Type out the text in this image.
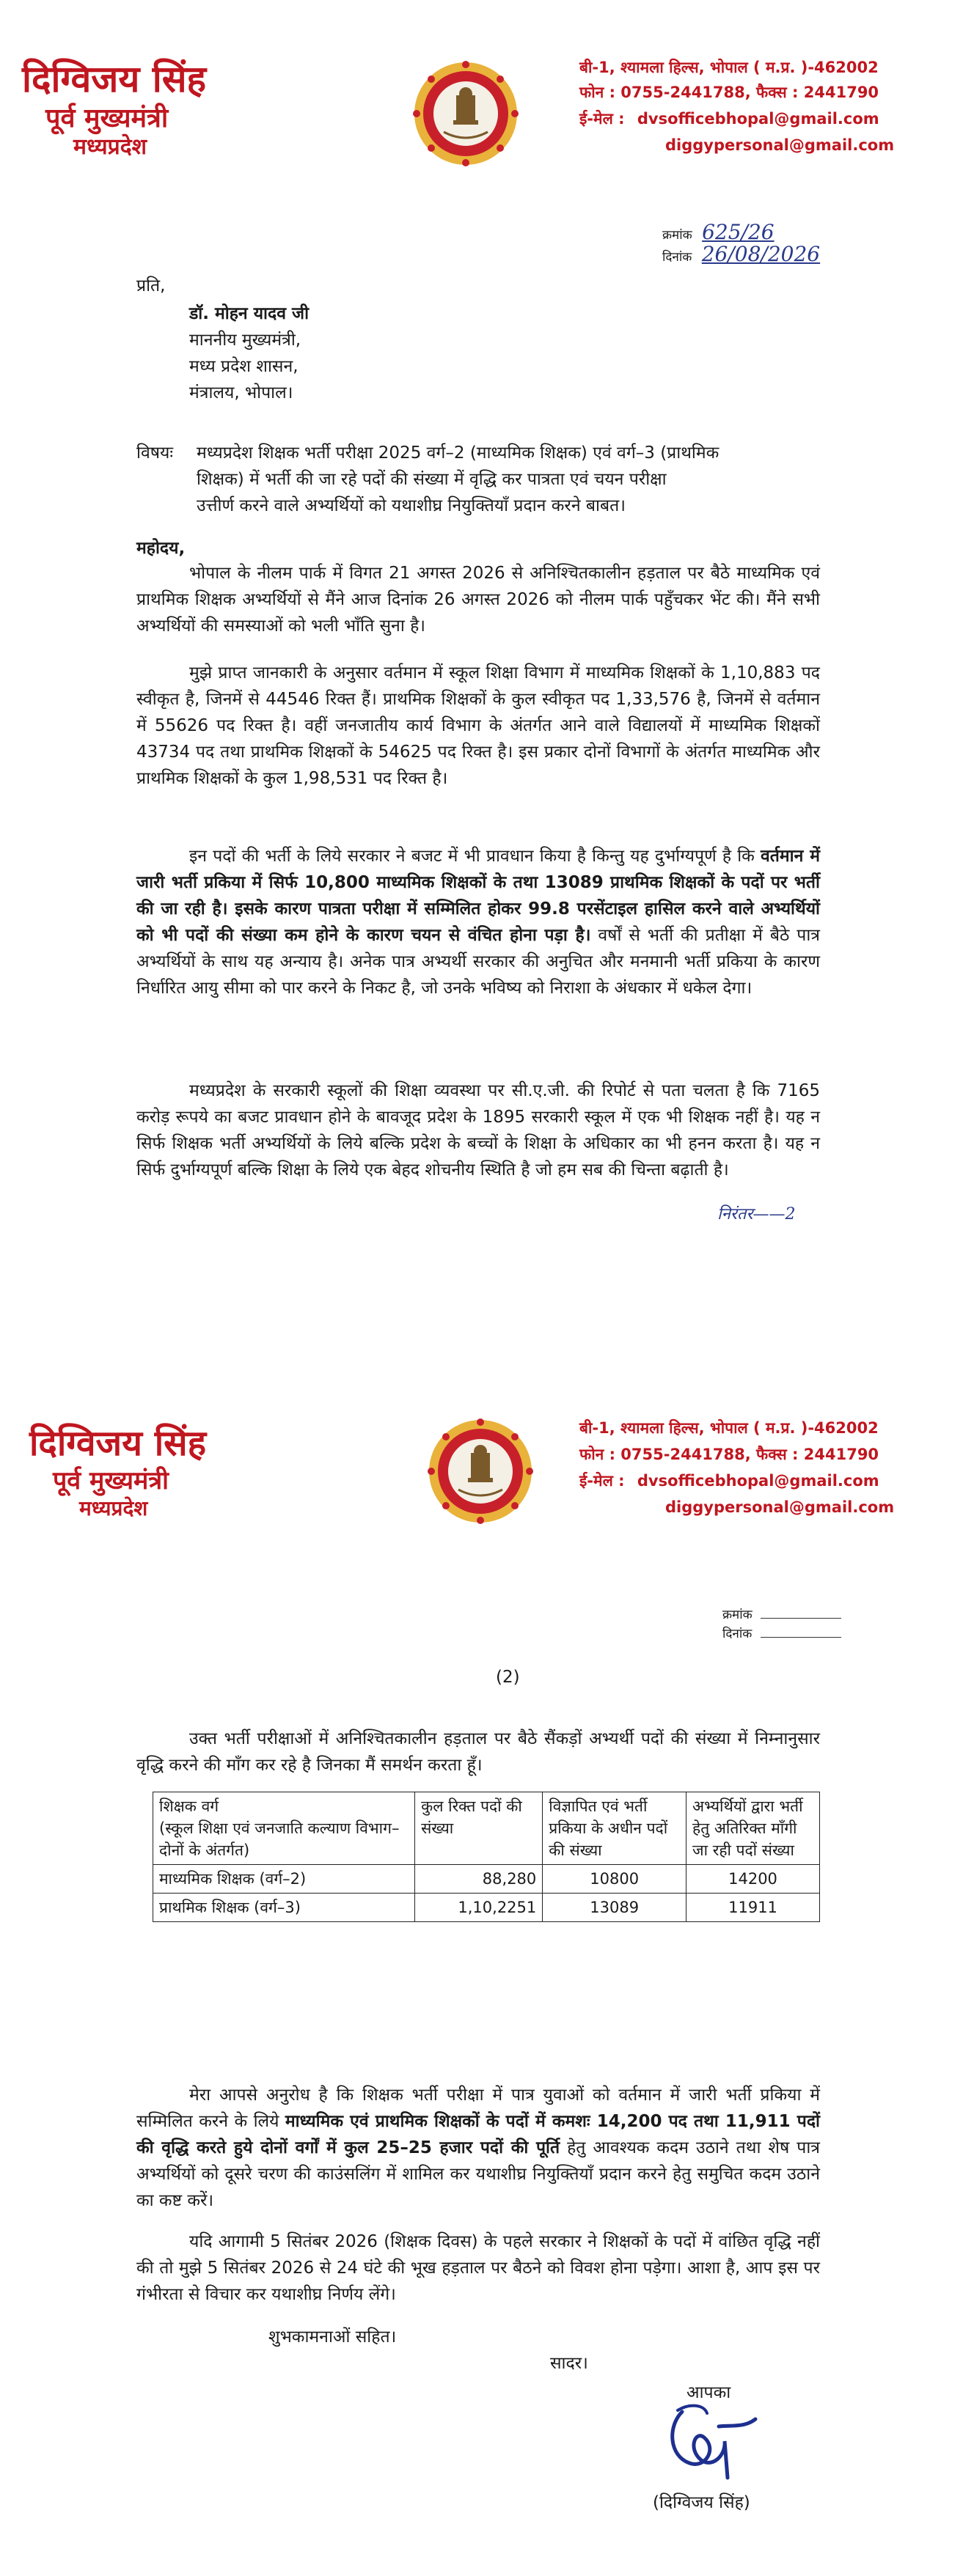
दिग्विजय सिंह
पूर्व मुख्यमंत्री
मध्यप्रदेश
बी-1, श्यामला हिल्स, भोपाल ( म.प्र. )-462002
फोन : 0755-2441788, फैक्स : 2441790
ई-मेल : dvsofficebhopal@gmail.com
diggypersonal@gmail.com
क्रमांक 625/26
दिनांक 26/08/2026
प्रति,
डॉ. मोहन यादव जी
माननीय मुख्यमंत्री,
मध्य प्रदेश शासन,
मंत्रालय, भोपाल।
विषयः मध्यप्रदेश शिक्षक भर्ती परीक्षा 2025 वर्ग–2 (माध्यमिक शिक्षक) एवं वर्ग–3 (प्राथमिक
शिक्षक) में भर्ती की जा रहे पदों की संख्या में वृद्धि कर पात्रता एवं चयन परीक्षा
उत्तीर्ण करने वाले अभ्यर्थियों को यथाशीघ्र नियुक्तियाँ प्रदान करने बाबत।
महोदय,
भोपाल के नीलम पार्क में विगत 21 अगस्त 2026 से अनिश्चितकालीन हड़ताल पर बैठे माध्यमिक एवं प्राथमिक शिक्षक अभ्यर्थियों से मैंने आज दिनांक 26 अगस्त 2026 को नीलम पार्क पहुँचकर भेंट की। मैंने सभी अभ्यर्थियों की समस्याओं को भली भाँति सुना है।
मुझे प्राप्त जानकारी के अनुसार वर्तमान में स्कूल शिक्षा विभाग में माध्यमिक शिक्षकों के 1,10,883 पद स्वीकृत है, जिनमें से 44546 रिक्त हैं। प्राथमिक शिक्षकों के कुल स्वीकृत पद 1,33,576 है, जिनमें से वर्तमान में 55626 पद रिक्त है। वहीं जनजातीय कार्य विभाग के अंतर्गत आने वाले विद्यालयों में माध्यमिक शिक्षकों 43734 पद तथा प्राथमिक शिक्षकों के 54625 पद रिक्त है। इस प्रकार दोनों विभागों के अंतर्गत माध्यमिक और प्राथमिक शिक्षकों के कुल 1,98,531 पद रिक्त है।
इन पदों की भर्ती के लिये सरकार ने बजट में भी प्रावधान किया है किन्तु यह दुर्भाग्यपूर्ण है कि वर्तमान में जारी भर्ती प्रकिया में सिर्फ 10,800 माध्यमिक शिक्षकों के तथा 13089 प्राथमिक शिक्षकों के पदों पर भर्ती की जा रही है। इसके कारण पात्रता परीक्षा में सम्मिलित होकर 99.8 परसेंटाइल हासिल करने वाले अभ्यर्थियों को भी पदों की संख्या कम होने के कारण चयन से वंचित होना पड़ा है। वर्षों से भर्ती की प्रतीक्षा में बैठे पात्र अभ्यर्थियों के साथ यह अन्याय है। अनेक पात्र अभ्यर्थी सरकार की अनुचित और मनमानी भर्ती प्रकिया के कारण निर्धारित आयु सीमा को पार करने के निकट है, जो उनके भविष्य को निराशा के अंधकार में धकेल देगा।
मध्यप्रदेश के सरकारी स्कूलों की शिक्षा व्यवस्था पर सी.ए.जी. की रिपोर्ट से पता चलता है कि 7165 करोड़ रूपये का बजट प्रावधान होने के बावजूद प्रदेश के 1895 सरकारी स्कूल में एक भी शिक्षक नहीं है। यह न सिर्फ शिक्षक भर्ती अभ्यर्थियों के लिये बल्कि प्रदेश के बच्चों के शिक्षा के अधिकार का भी हनन करता है। यह न सिर्फ दुर्भाग्यपूर्ण बल्कि शिक्षा के लिये एक बेहद शोचनीय स्थिति है जो हम सब की चिन्ता बढ़ाती है।
निरंतर——2
दिग्विजय सिंह
पूर्व मुख्यमंत्री
मध्यप्रदेश
बी-1, श्यामला हिल्स, भोपाल ( म.प्र. )-462002
फोन : 0755-2441788, फैक्स : 2441790
ई-मेल : dvsofficebhopal@gmail.com
diggypersonal@gmail.com
क्रमांक
दिनांक
(2)
उक्त भर्ती परीक्षाओं में अनिश्चितकालीन हड़ताल पर बैठे सैंकड़ों अभ्यर्थी पदों की संख्या में निम्नानुसार वृद्धि करने की माँग कर रहे है जिनका मैं समर्थन करता हूँ।
शिक्षक वर्ग
(स्कूल शिक्षा एवं जनजाति कल्याण विभाग–दोनों के अंतर्गत)	कुल रिक्त पदों की संख्या	विज्ञापित एवं भर्ती प्रकिया के अधीन पदों की संख्या	अभ्यर्थियों द्वारा भर्ती हेतु अतिरिक्त माँगी जा रही पदों संख्या
माध्यमिक शिक्षक (वर्ग–2)	88,280	10800	14200
प्राथमिक शिक्षक (वर्ग–3)	1,10,2251	13089	11911
मेरा आपसे अनुरोध है कि शिक्षक भर्ती परीक्षा में पात्र युवाओं को वर्तमान में जारी भर्ती प्रकिया में सम्मिलित करने के लिये माध्यमिक एवं प्राथमिक शिक्षकों के पदों में कमशः 14,200 पद तथा 11,911 पदों की वृद्धि करते हुये दोनों वर्गों में कुल 25–25 हजार पदों की पूर्ति हेतु आवश्यक कदम उठाने तथा शेष पात्र अभ्यर्थियों को दूसरे चरण की काउंसलिंग में शामिल कर यथाशीघ्र नियुक्तियाँ प्रदान करने हेतु समुचित कदम उठाने का कष्ट करें।
यदि आगामी 5 सितंबर 2026 (शिक्षक दिवस) के पहले सरकार ने शिक्षकों के पदों में वांछित वृद्धि नहीं की तो मुझे 5 सितंबर 2026 से 24 घंटे की भूख हड़ताल पर बैठने को विवश होना पड़ेगा। आशा है, आप इस पर गंभीरता से विचार कर यथाशीघ्र निर्णय लेंगे।
शुभकामनाओं सहित।
सादर।
आपका
(दिग्विजय सिंह)
